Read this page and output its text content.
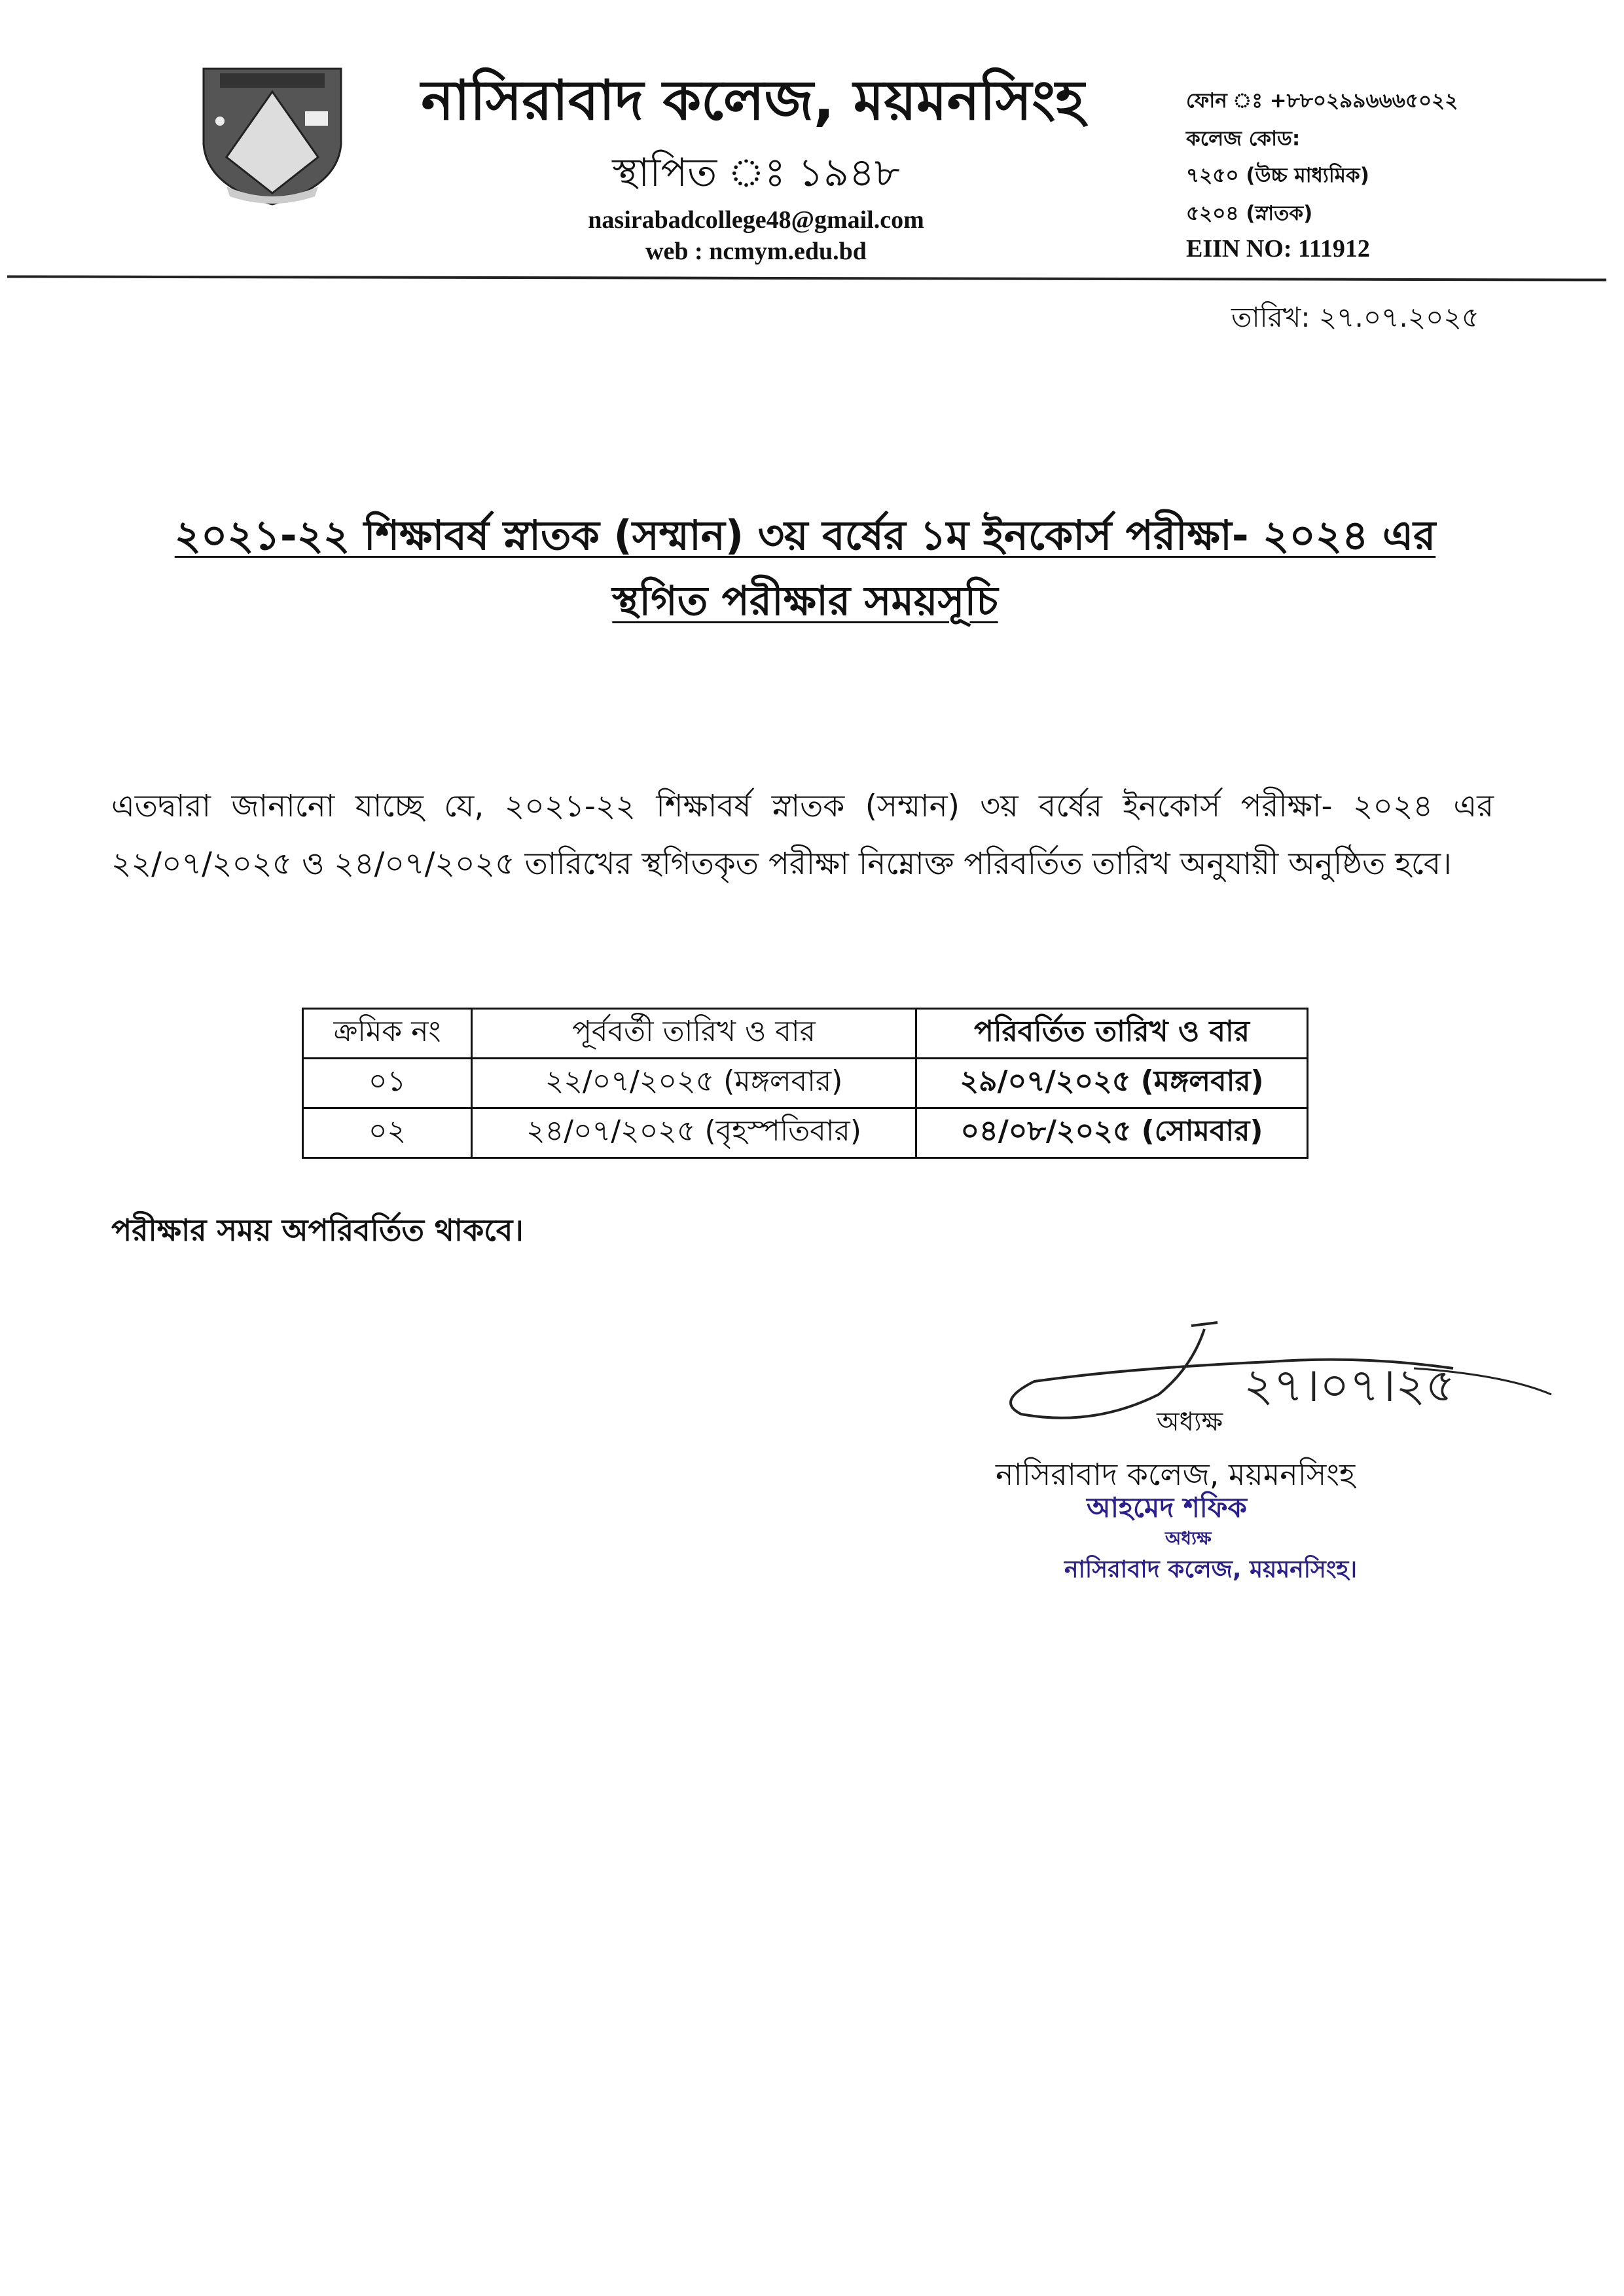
নাসিরাবাদ কলেজ, ময়মনসিংহ
স্থাপিত ঃ ১৯৪৮
nasirabadcollege48@gmail.com
web : ncmym.edu.bd
ফোন ঃ +৮৮০২৯৯৬৬৬৫০২২
কলেজ কোড:
৭২৫০ (উচ্চ মাধ্যমিক)
৫২০৪ (স্নাতক)
EIIN NO: 111912
তারিখ: ২৭.০৭.২০২৫
২০২১-২২ শিক্ষাবর্ষ স্নাতক (সম্মান) ৩য় বর্ষের ১ম ইনকোর্স পরীক্ষা- ২০২৪ এর
স্থগিত পরীক্ষার সময়সূচি
এতদ্বারা জানানো যাচ্ছে যে, ২০২১-২২ শিক্ষাবর্ষ স্নাতক (সম্মান) ৩য় বর্ষের ইনকোর্স পরীক্ষা- ২০২৪ এর ২২/০৭/২০২৫ ও ২৪/০৭/২০২৫ তারিখের স্থগিতকৃত পরীক্ষা নিম্নোক্ত পরিবর্তিত তারিখ অনুযায়ী অনুষ্ঠিত হবে।
ক্রমিক নং	পূর্ববর্তী তারিখ ও বার	পরিবর্তিত তারিখ ও বার
০১	২২/০৭/২০২৫ (মঙ্গলবার)	২৯/০৭/২০২৫ (মঙ্গলবার)
০২	২৪/০৭/২০২৫ (বৃহস্পতিবার)	০৪/০৮/২০২৫ (সোমবার)
পরীক্ষার সময় অপরিবর্তিত থাকবে।
২৭।০৭।২৫
অধ্যক্ষ
নাসিরাবাদ কলেজ, ময়মনসিংহ
আহমেদ শফিক
অধ্যক্ষ
নাসিরাবাদ কলেজ, ময়মনসিংহ।
